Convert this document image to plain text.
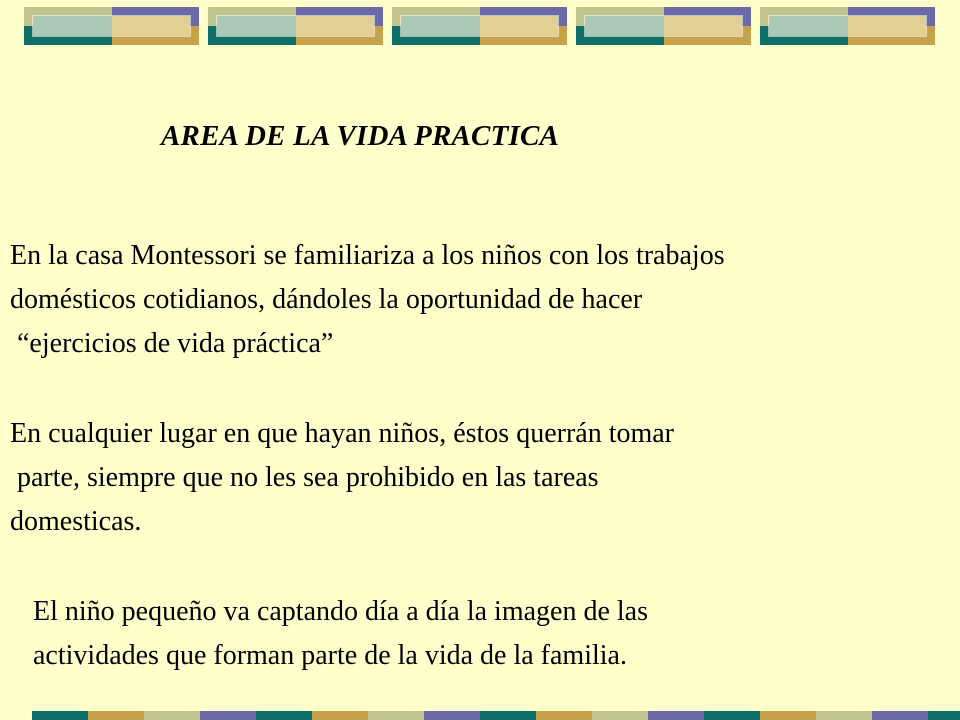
AREA DE LA VIDA PRACTICA

En la casa Montessori se familiariza a los niños con los trabajos
domésticos cotidianos, dándoles la oportunidad de hacer
“ejercicios de vida práctica”

En cualquier lugar en que hayan niños, éstos querrán tomar
parte, siempre que no les sea prohibido en las tareas
domesticas.

El niño pequeño va captando día a día la imagen de las
actividades que forman parte de la vida de la familia.
